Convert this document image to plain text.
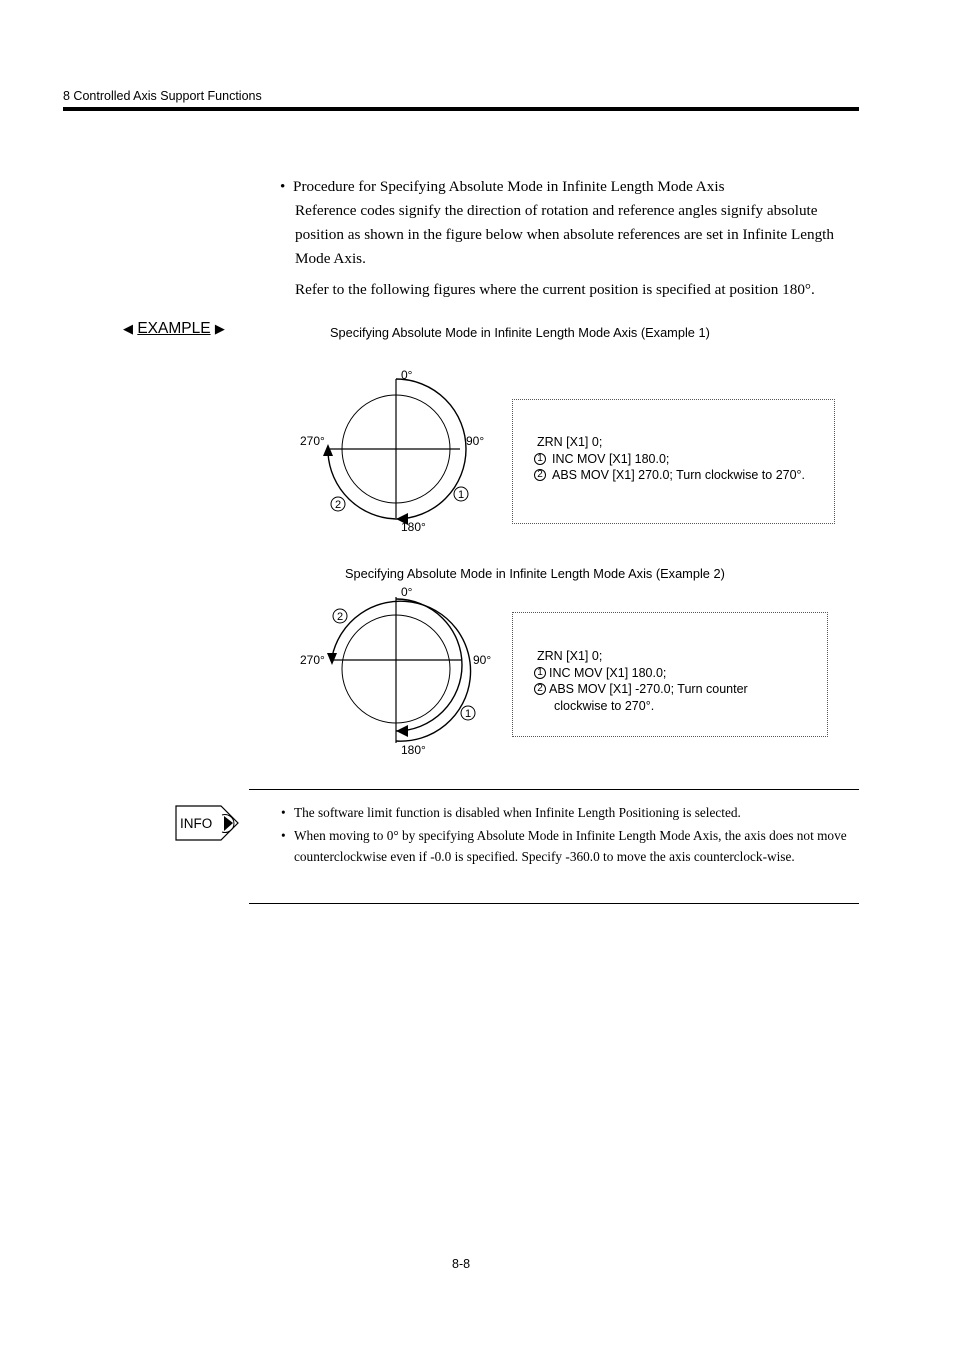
8 Controlled Axis Support Functions
• Procedure for Specifying Absolute Mode in Infinite Length Mode Axis

Reference codes signify the direction of rotation and reference angles signify absolute position as shown in the figure below when absolute references are set in Infinite Length Mode Axis.

Refer to the following figures where the current position is specified at position 180°.

◀ EXAMPLE ▶	Specifying Absolute Mode in Infinite Length Mode Axis (Example 1)
0°
90°
180°
270°
1
2
ZRN [X1] 0;
1 INC MOV [X1] 180.0;
2 ABS MOV [X1] 270.0; Turn clockwise to 270°.
Specifying Absolute Mode in Infinite Length Mode Axis (Example 2)
0°
90°
180°
270°
1
2
ZRN [X1] 0;
1 INC MOV [X1] 180.0;
2 ABS MOV [X1] -270.0; Turn counter
clockwise to 270°.
INFO
• The software limit function is disabled when Infinite Length Positioning is selected.
• When moving to 0° by specifying Absolute Mode in Infinite Length Mode Axis, the axis does not move counterclockwise even if -0.0 is specified. Specify -360.0 to move the axis counterclock-wise.
8-8
